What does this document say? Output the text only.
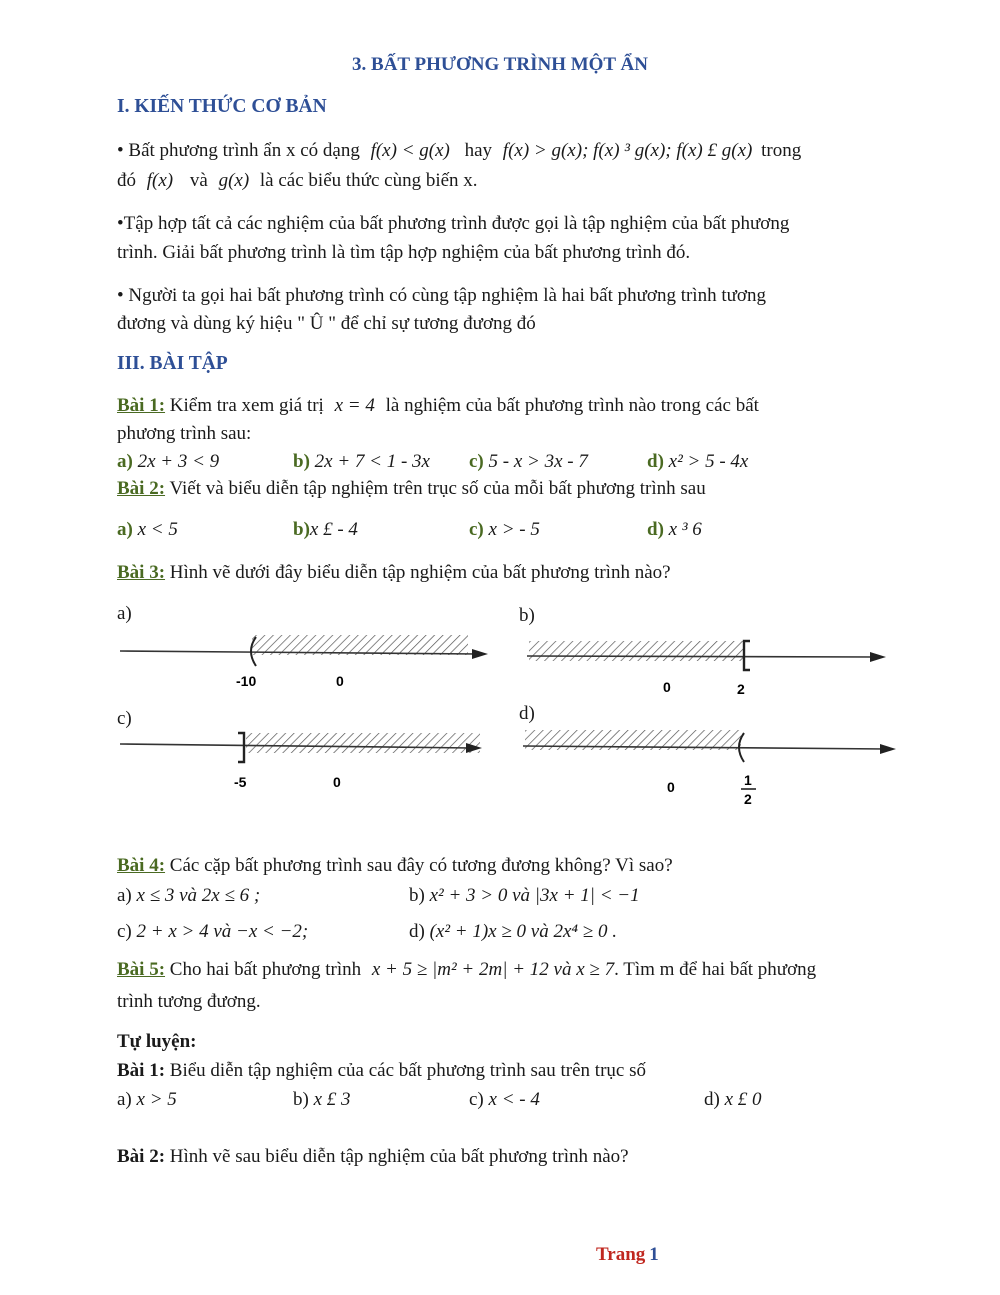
3. BẤT PHƯƠNG TRÌNH MỘT ẨN
I. KIẾN THỨC CƠ BẢN
• Bất phương trình ẩn x có dạng f(x) < g(x) hay f(x) > g(x); f(x) ³ g(x); f(x) £ g(x) trong
đó f(x) và g(x) là các biểu thức cùng biến x.
•Tập hợp tất cả các nghiệm của bất phương trình được gọi là tập nghiệm của bất phương
trình. Giải bất phương trình là tìm tập hợp nghiệm của bất phương trình đó.
• Người ta gọi hai bất phương trình có cùng tập nghiệm là hai bất phương trình tương
đương và dùng ký hiệu " Û " để chỉ sự tương đương đó
III. BÀI TẬP
Bài 1: Kiểm tra xem giá trị x = 4 là nghiệm của bất phương trình nào trong các bất
phương trình sau:
a) 2x + 3 < 9	b) 2x + 7 < 1 - 3x c) 5 - x > 3x - 7	d) x² > 5 - 4x
Bài 2: Viết và biểu diễn tập nghiệm trên trục số của mỗi bất phương trình sau
a) x < 5	b)x £ - 4	c) x > - 5	d) x ³ 6
Bài 3: Hình vẽ dưới đây biểu diễn tập nghiệm của bất phương trình nào?
a)	b)
c)	d)
-10	0	0	2
-5	0	0	1
2
Bài 4: Các cặp bất phương trình sau đây có tương đương không? Vì sao?
a) x ≤ 3 và 2x ≤ 6 ;	b) x² + 3 > 0 và |3x + 1| < −1
c) 2 + x > 4 và −x < −2;	d) (x² + 1)x ≥ 0 và 2x⁴ ≥ 0 .
Bài 5: Cho hai bất phương trình x + 5 ≥ |m² + 2m| + 12 và x ≥ 7. Tìm m để hai bất phương
trình tương đương.
Tự luyện:
Bài 1: Biểu diễn tập nghiệm của các bất phương trình sau trên trục số
a) x > 5	b) x £ 3	c) x < - 4	d) x £ 0
Bài 2: Hình vẽ sau biểu diễn tập nghiệm của bất phương trình nào?
Trang 1
